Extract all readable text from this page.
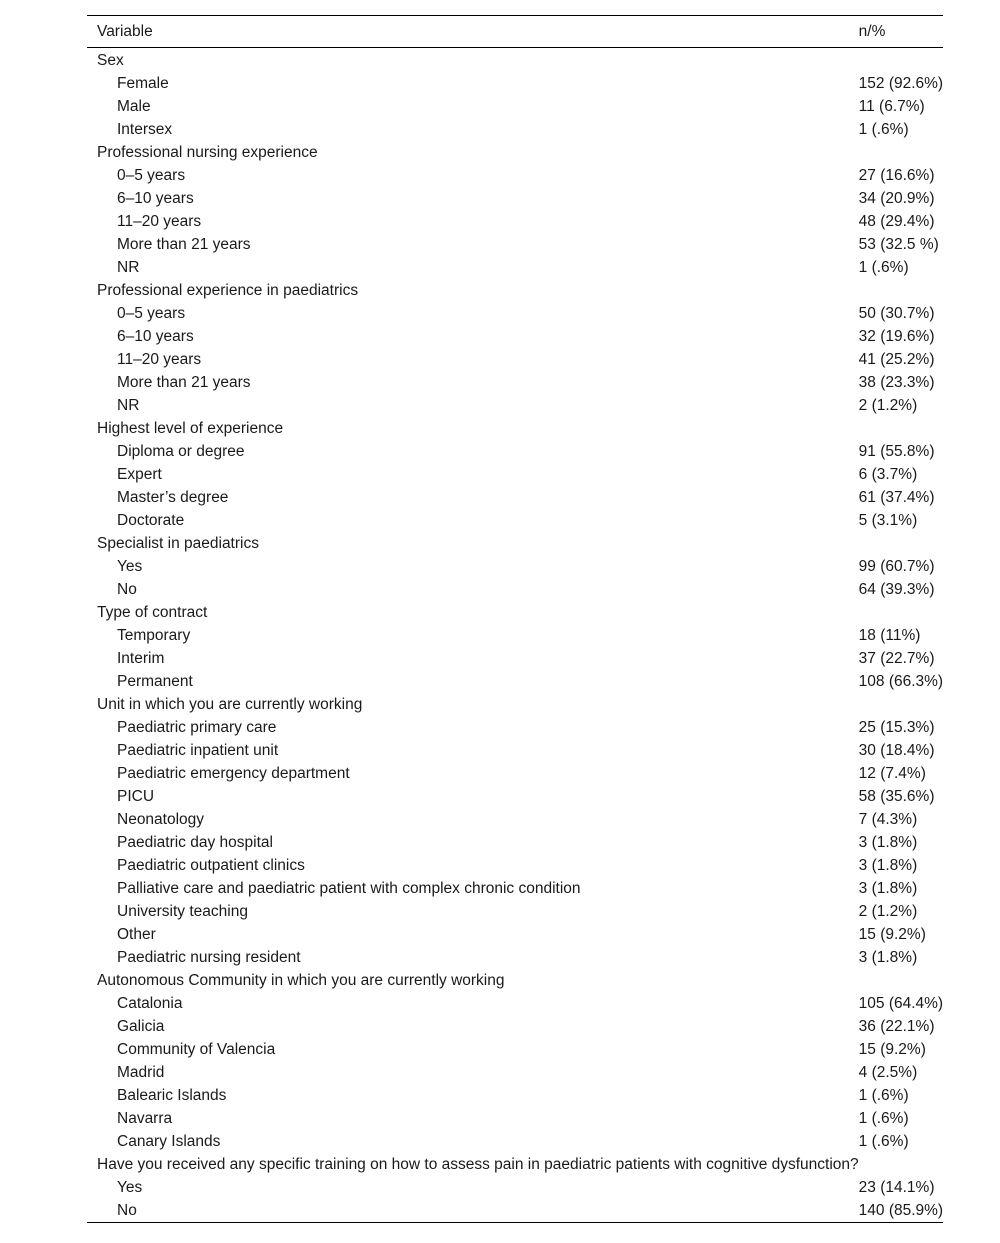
Variable	n/%
Sex	
Female	152 (92.6%)
Male	11 (6.7%)
Intersex	1 (.6%)
Professional nursing experience	
0–5 years	27 (16.6%)
6–10 years	34 (20.9%)
11–20 years	48 (29.4%)
More than 21 years	53 (32.5 %)
NR	1 (.6%)
Professional experience in paediatrics	
0–5 years	50 (30.7%)
6–10 years	32 (19.6%)
11–20 years	41 (25.2%)
More than 21 years	38 (23.3%)
NR	2 (1.2%)
Highest level of experience	
Diploma or degree	91 (55.8%)
Expert	6 (3.7%)
Master’s degree	61 (37.4%)
Doctorate	5 (3.1%)
Specialist in paediatrics	
Yes	99 (60.7%)
No	64 (39.3%)
Type of contract	
Temporary	18 (11%)
Interim	37 (22.7%)
Permanent	108 (66.3%)
Unit in which you are currently working	
Paediatric primary care	25 (15.3%)
Paediatric inpatient unit	30 (18.4%)
Paediatric emergency department	12 (7.4%)
PICU	58 (35.6%)
Neonatology	7 (4.3%)
Paediatric day hospital	3 (1.8%)
Paediatric outpatient clinics	3 (1.8%)
Palliative care and paediatric patient with complex chronic condition	3 (1.8%)
University teaching	2 (1.2%)
Other	15 (9.2%)
Paediatric nursing resident	3 (1.8%)
Autonomous Community in which you are currently working	
Catalonia	105 (64.4%)
Galicia	36 (22.1%)
Community of Valencia	15 (9.2%)
Madrid	4 (2.5%)
Balearic Islands	1 (.6%)
Navarra	1 (.6%)
Canary Islands	1 (.6%)
Have you received any specific training on how to assess pain in paediatric patients with cognitive dysfunction?	
Yes	23 (14.1%)
No	140 (85.9%)
